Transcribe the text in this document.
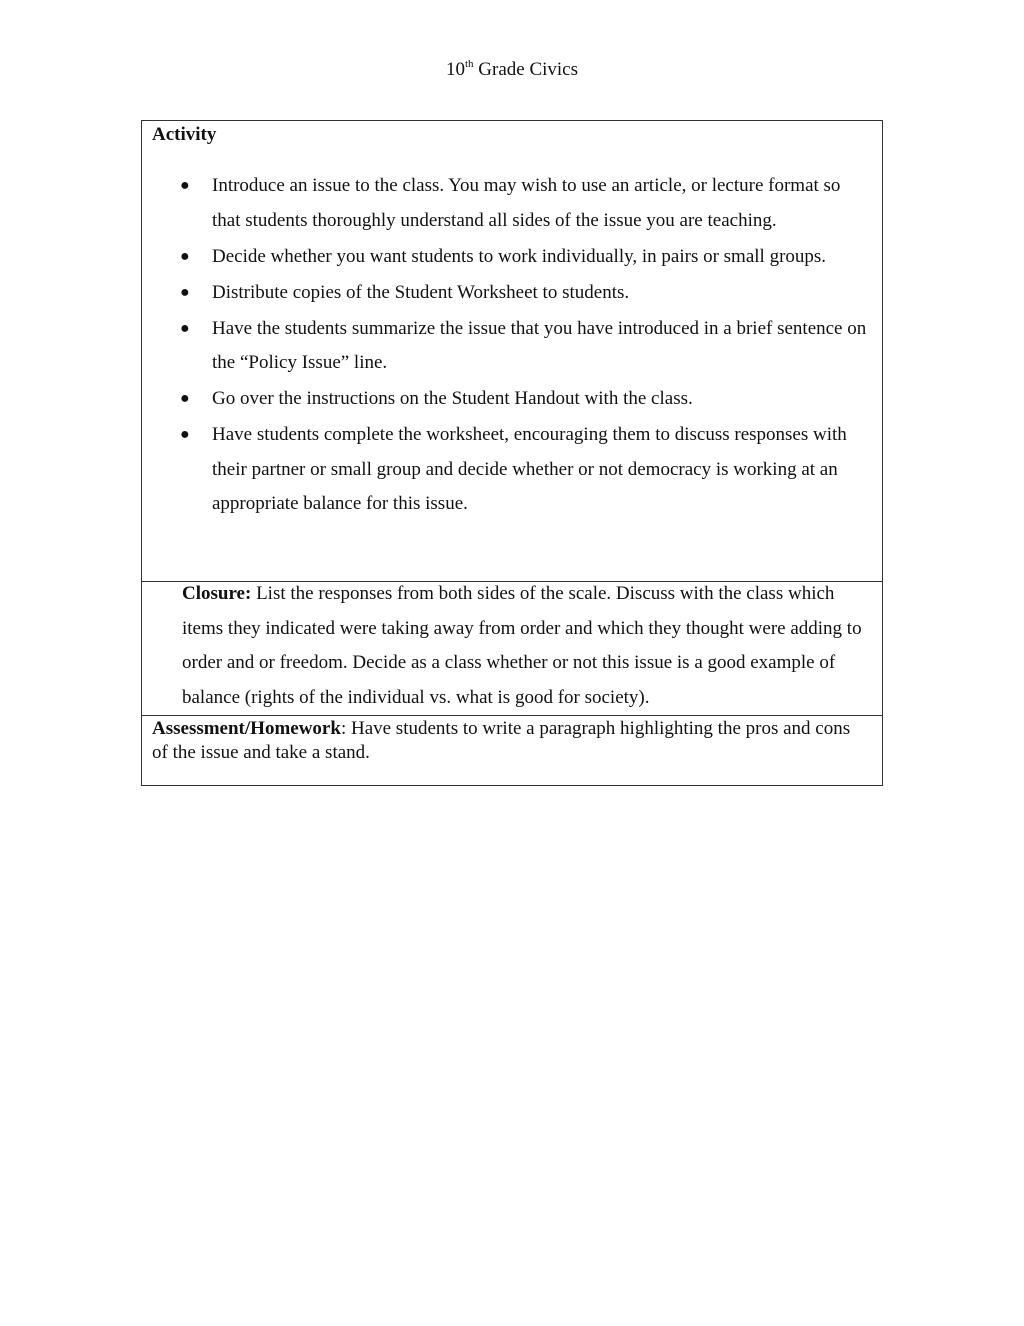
10th Grade Civics
Activity
● Introduce an issue to the class. You may wish to use an article, or lecture format so that students thoroughly understand all sides of the issue you are teaching.
● Decide whether you want students to work individually, in pairs or small groups.
● Distribute copies of the Student Worksheet to students.
● Have the students summarize the issue that you have introduced in a brief sentence on the “Policy Issue” line.
● Go over the instructions on the Student Handout with the class.
● Have students complete the worksheet, encouraging them to discuss responses with their partner or small group and decide whether or not democracy is working at an appropriate balance for this issue.

Closure: List the responses from both sides of the scale. Discuss with the class which items they indicated were taking away from order and which they thought were adding to order and or freedom. Decide as a class whether or not this issue is a good example of balance (rights of the individual vs. what is good for society).

Assessment/Homework: Have students to write a paragraph highlighting the pros and cons of the issue and take a stand.
